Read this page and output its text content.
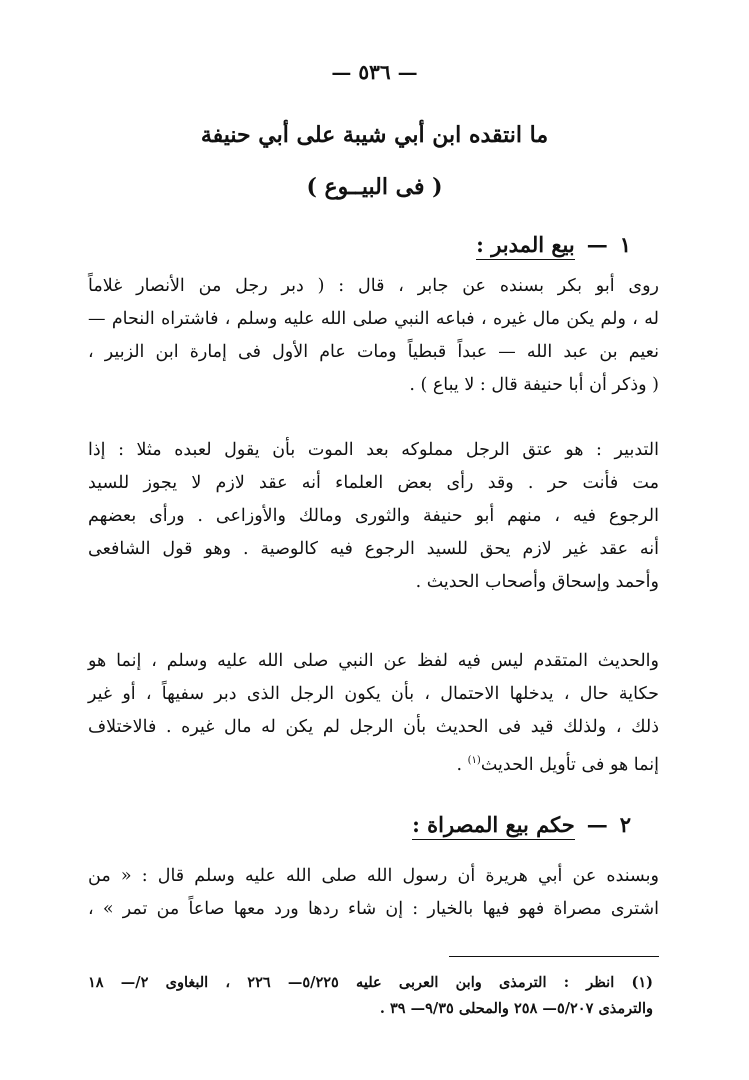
— ٥٣٦ —
ما انتقده ابن أبي شيبة على أبي حنيفة
( فى البيــوع )
١—بيع المدبر :
روى أبو بكر بسنده عن جابر ، قال : ( دبر رجل من الأنصار غلاماً
له ، ولم يكن مال غيره ، فباعه النبي صلى الله عليه وسلم ، فاشتراه النحام —
نعيم بن عبد الله — عبداً قبطياً ومات عام الأول فى إمارة ابن الزبير ،
( وذكر أن أبا حنيفة قال : لا يباع ) .
التدبير : هو عتق الرجل مملوكه بعد الموت بأن يقول لعبده مثلا : إذا
مت فأنت حر . وقد رأى بعض العلماء أنه عقد لازم لا يجوز للسيد
الرجوع فيه ، منهم أبو حنيفة والثورى ومالك والأوزاعى . ورأى بعضهم
أنه عقد غير لازم يحق للسيد الرجوع فيه كالوصية . وهو قول الشافعى
وأحمد وإسحاق وأصحاب الحديث .
والحديث المتقدم ليس فيه لفظ عن النبي صلى الله عليه وسلم ، إنما هو
حكاية حال ، يدخلها الاحتمال ، بأن يكون الرجل الذى دبر سفيهاً ، أو غير
ذلك ، ولذلك قيد فى الحديث بأن الرجل لم يكن له مال غيره . فالاختلاف
إنما هو فى تأويل الحديث$^{(١)}$ .
٢—حكم بيع المصراة :
وبسنده عن أبي هريرة أن رسول الله صلى الله عليه وسلم قال : « من
اشترى مصراة فهو فيها بالخيار : إن شاء ردها ورد معها صاعاً من تمر » ،
(١) انظر : الترمذى وابن العربى عليه ٥/٢٢٥— ٢٢٦ ، البغاوى ٢/— ١٨
والترمذى ٥/٢٠٧— ٢٥٨ والمحلى ٩/٣٥— ٣٩ .
